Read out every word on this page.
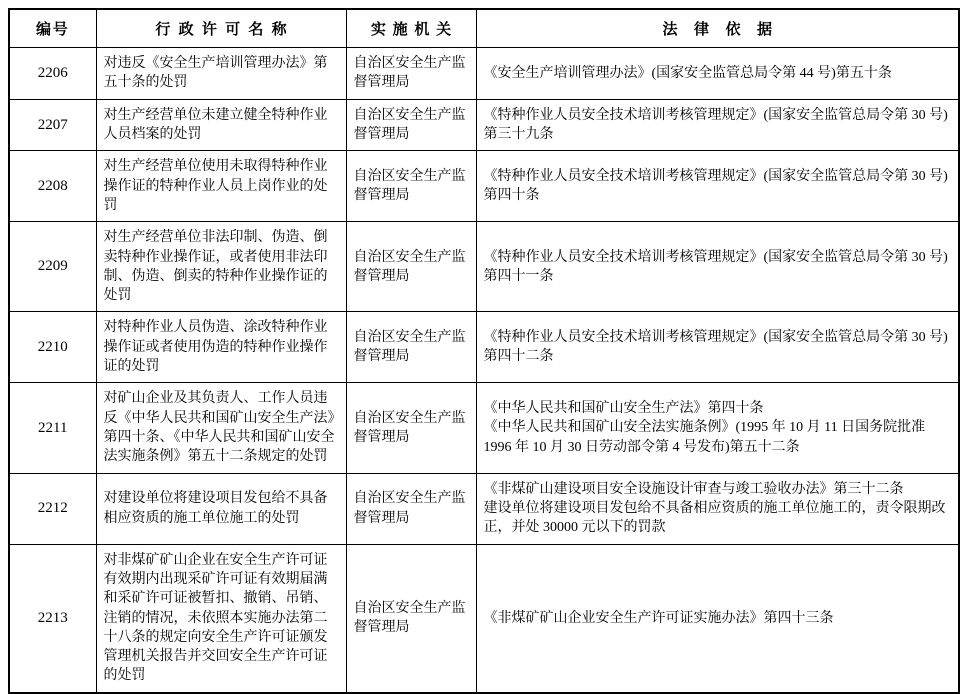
编号	行政许可名称	实施机关	法律依据
2206	对违反《安全生产培训管理办法》第五十条的处罚	自治区安全生产监督管理局	《安全生产培训管理办法》(国家安全监管总局令第 44 号)第五十条

2207	对生产经营单位未建立健全特种作业人员档案的处罚	自治区安全生产监督管理局	《特种作业人员安全技术培训考核管理规定》(国家安全监管总局令第 30 号)第三十九条

2208	对生产经营单位使用未取得特种作业操作证的特种作业人员上岗作业的处罚	自治区安全生产监督管理局	《特种作业人员安全技术培训考核管理规定》(国家安全监管总局令第 30 号)第四十条

2209	对生产经营单位非法印制、伪造、倒卖特种作业操作证，或者使用非法印制、伪造、倒卖的特种作业操作证的处罚	自治区安全生产监督管理局	《特种作业人员安全技术培训考核管理规定》(国家安全监管总局令第 30 号)第四十一条

2210	对特种作业人员伪造、涂改特种作业操作证或者使用伪造的特种作业操作证的处罚	自治区安全生产监督管理局	《特种作业人员安全技术培训考核管理规定》(国家安全监管总局令第 30 号)第四十二条

2211	对矿山企业及其负责人、工作人员违反《中华人民共和国矿山安全生产法》第四十条、《中华人民共和国矿山安全法实施条例》第五十二条规定的处罚	自治区安全生产监督管理局	《中华人民共和国矿山安全生产法》第四十条
《中华人民共和国矿山安全法实施条例》(1995 年 10 月 11 日国务院批准 1996 年 10 月 30 日劳动部令第 4 号发布)第五十二条

2212	对建设单位将建设项目发包给不具备相应资质的施工单位施工的处罚	自治区安全生产监督管理局	《非煤矿山建设项目安全设施设计审查与竣工验收办法》第三十二条
建设单位将建设项目发包给不具备相应资质的施工单位施工的，责令限期改正，并处 30000 元以下的罚款

2213	对非煤矿矿山企业在安全生产许可证有效期内出现采矿许可证有效期届满和采矿许可证被暂扣、撤销、吊销、注销的情况，未依照本实施办法第二十八条的规定向安全生产许可证颁发管理机关报告并交回安全生产许可证的处罚	自治区安全生产监督管理局	《非煤矿矿山企业安全生产许可证实施办法》第四十三条
